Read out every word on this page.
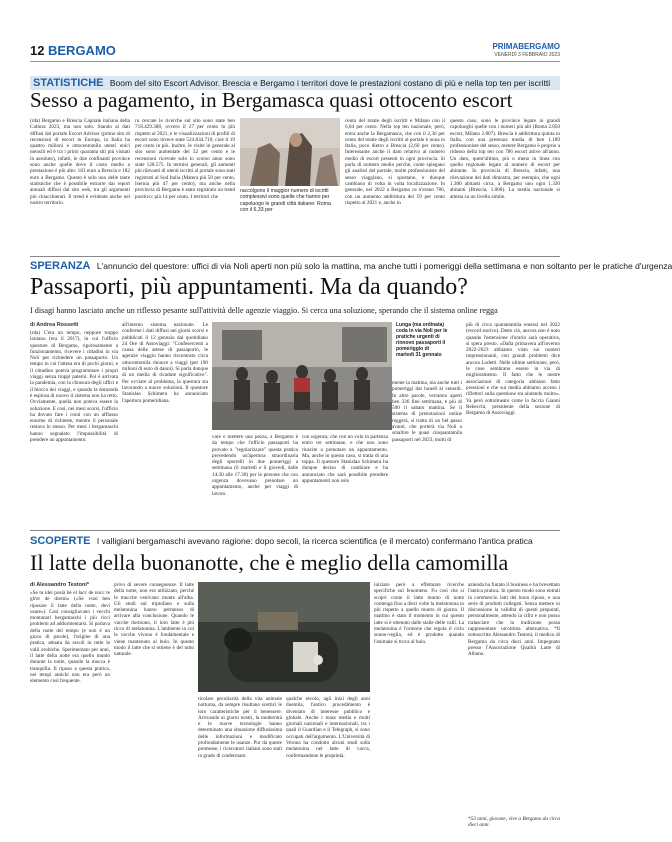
12 BERGAMO	PRIMABERGAMO
VENERDÌ 3 FEBBRAIO 2023
STATISTICHE Boom del sito Escort Advisor. Brescia e Bergamo i territori dove le prestazioni costano di più e nella top ten per iscritti
Sesso a pagamento, in Bergamasca quasi ottocento escort
(rda) Bergamo e Brescia Capitale italiana della Cultura 2023, ma non solo. Stando ai dati diffusi dal portale Escort Advisor (primo sito di recensioni di escort in Europa, in Italia ha quattro milioni e ottocentomila utenti unici mensili ed è tra i primi quaranta siti più visitati in assoluto), infatti, le due confinanti province sono anche quelle dove il costo medio a prestazione è più alto: 183 euro a Brescia e 182 euro a Bergamo. Questo è solo uno delle tante statistiche che è possibile estrarre dai report annuali diffusi dal sito web, tra gli argomenti più chiacchierati. Il trend è evidente anche nel nostro territorio.
ro cercate le ricerche sul sito sono state ben 718.429.388, ovvero il 27 per cento in più rispetto al 2021, e le visualizzazioni di profili di escort sono invece state 524.834.710, cioè il 19 per cento in più. Inoltre, le visite in generale al sito sono aumentate del 32 per cento e le recensioni ricevute solo lo scorso anno sono state 128.575. In termini generali, gli aumenti più rilevanti di utenti iscritti al portale sono stati registrati al Sud Italia (Matera più 50 per cento, Isernia più 47 per cento), ma anche nella provincia di Bergamo è stato registrato un trend positivo: più 14 per cento. I territori che
raccolgono il maggior numero di iscritti complessivi sono quelle che hanno per capoluogo le grandi città italiane: Roma con il 6,33 per
cento del totale degli iscritti e Milano con il 6,04 per cento. Nella top ten nazionale, però, entra anche la Bergamasca, che con il 2,36 per cento del totale degli iscritti al portale è nona in Italia, poco dietro a Brescia (2,60 per cento). Interessante anche il dato relativo al numero medio di escort presenti in ogni provincia. Si parla di numero medio perché, come spiegano gli analisti del portale, molte professioniste del sesso viaggiano, si spostano, e dunque cambiano di volta in volta localizzazione. In generale, nel 2022 a Bergamo ce n'erano 786, con un aumento addirittura del 59 per cento rispetto al 2021 e, anche in
questo caso, sono le province legate ai grandi capoluoghi quelle con i numeri più alti (Roma 2.850 escort, Milano 2.807). Brescia è addirittura quinta in Italia, con una presenza media di ben 1.189 professioniste del sesso, mentre Bergamo è proprio a ridosso della top ten con 786 escort attive all'anno. Un dato, quest'ultimo, più o meno in linea con quello regionale legato al numero di escort per abitante. In provincia di Brescia, infatti, una rilevazione dei dati dimostra, per esempio, che ogni 1.300 abitanti circa, a Bergamo uno ogni 1.330 abitanti (Brescia, 1.000). La media nazionale si attesta su un livello simile.
SPERANZA L'annuncio del questore: uffici di via Noli aperti non più solo la mattina, ma anche tutti i pomeriggi della settimana e non soltanto per le pratiche d'urgenza
Passaporti, più appuntamenti. Ma da quando?
I disagi hanno lasciato anche un riflesso pesante sull'attività delle agenzie viaggio. Si cerca una soluzione, sperando che il sistema online regga
di Andrea Rossetti
(rda) C'era un tempo, neppure troppo lontano (era il 2017), in cui l'ufficio questure di Bergamo, rigorosamente a funzionamento, ricevere i cittadini in via Noli per richiedere un passaporto. Un tempo in cui l'attesa era di pochi giorni, e il cittadino poteva programmare i propri viaggi senza troppi patemi. Poi è arrivata la pandemia, con la chiusura degli uffici e il blocco dei viaggi, e quando la domanda è esplosa di nuovo il sistema non ha retto. Ovviamente, quella non poteva essere la soluzione. E così, nei mesi scorsi, l'ufficio ha dovuto fare i conti con un afflusso enorme di richieste, mentre il personale restava lo stesso. Per mesi i bergamaschi hanno segnalato l'impossibilità di prendere un appuntamento.
all'interno sistema nazionale. Le conferme i dati diffusi nei giorni scorsi e pubblicati il 12 gennaio dal quotidiano 24 Ore di Assoviaggi: "Confesercenti a causa delle attese di passaporto, le agenzie viaggio hanno riscontrato circa ottocentomila rinunce a viaggi (per 190 milioni di euro di danni). Si parla dunque di un media di ricadute significative". Per ovviare al problema, la questura sta lavorando a nuove soluzioni. Il questore Stanislao Schimera ha annunciato l'apertura pomeridiana.
Lunga (ma ordinata) coda in via Noli per le pratiche urgenti di rinnovo passaporti il pomeriggio di martedì 31 gennaio
vare e mettere una pezza, a Bergamo è da tempo che l'ufficio passaporti ha provato a "regolarizzare" questa pratica prevedendo un'apertura straordinaria degli sportelli in due pomeriggi a settimana (il martedì e il giovedì, dalle 14.30 alle 17.30) per le persone che con urgenza dovevano prenotare un appuntamento, anche per viaggi di lavoro.
con urgenza, che con un volo in partenza entro tre settimane, e che non sono riuscite a prenotare un appuntamento. Ma, anche in questo caso, si tratta di una toppa. Il questore Stanislao Schimera ha dunque deciso di cambiare e ha annunciato che sarà possibile prendere appuntamenti non solo
mente la mattina, ma anche tutti i pomeriggi dal lunedì al venerdì. In altre parole, verranno aperti ben 336 fine settimana, e più di 500 il sabato mattina. Se il sistema di prenotazioni online reggerà, si tratta di un bel passo avanti, che porterà via Noli a smaltire le quasi cinquantamila passaporti nel 2023, molti di
più di circa quarantamila emessi nel 2022 (record storico). Detto ciò, ancora non è noto quando l'estensione d'orario sarà operativa, si spera presto. «Dalla primavera all'inverno 2022-2023 abbiamo visto sui numeri impressionanti, con grandi problemi dice ancora Lodetti. Nelle ultime settimane, però, le cose sembrano essere in via di miglioramento. Il fatto che le nostre associazioni di categoria abbiano fatto pressioni e che sui media abbiamo acceso i riflettori sulla questione sta aiutando molto». Va però sottolineato come lo faccia Gianni Rebecchi, presidente della sezione di Bergamo di Assoviaggi.
SCOPERTE I valligiani bergamaschi avevano ragione: dopo secoli, la ricerca scientifica (e il mercato) confermano l'antica pratica
Il latte della buonanotte, che è meglio della camomilla
di Alessandro Testoni*
«Se tu idei posià bè el lacc de nocc te gh'et de dormì» («Se vuoi ben riposare il latte della notte, devi usare»). Così consigliavano i vecchi montanari bergamaschi i più ricci problemi ad addormentarsi. Si parlava della notte del tempo (e non è un gioco di parole), l'origine di una pratica, attuata da secoli in tutte le valli orobiche. Sperimentato per anni, il latte della notte era quello munto durante la notte, quando la mucca è tranquilla. Il riposo a questa pratica, nei tempi antichi non era però un elemento così frequente.
privo di severe conseguenze. Il latte della notte, non era utilizzato, perché le mucche venivano munte all'alba. Gli studi sul triptofano e sulla melatonina hanno permesso di arrivare alla conclusione. Quando le vacche dormono, il loro latte è più ricco di melatonina. L'ambiente in cui le vacche vivono è fondamentale e viene mantenuto al buio. In questo modo il latte che si ottiene è del tutto naturale.
ticolare peculiarità della vita animale notturna, da sempre risultano scettici le loro caratteristiche per il benessere. Arrivando ai giorni nostri, la modernità e le nuove tecnologie hanno determinato una situazione diffusissima delle informazioni e modificato profondamente le usanze. Pur da queste premesse, i ricercatori italiani sono stati in grado di confermare.
qualche secolo, agli inizi degli anni duemila, l'antico procedimento è diventato di interesse pubblico e globale. Anche i mass media e molti giornali nazionali e internazionali, tra i quali il Guardian e il Telegraph, si sono occupati dell'argomento. L'Università di Verona ha condotto alcuni studi sulla melatonina nel latte di vacca, confermandone le proprietà.
iniziato però a effettuare ricerche specifiche sul fenomeno. Fu così che si scoprì come il latte munto di notte contenga fino a dieci volte la melatonina in più rispetto a quello munto di giorno. Il mattino è stato il momento in cui questo latte si è ottenuto dalle stalle delle valli. La melatonina è l'ormone che regola il ciclo sonno-veglia, ed è prodotto quando l'animale si trova al buio.
azienda ha fiutato il business e ha brevettato l'antica pratica. In questo modo sono entrati in commercio latti del buon riposo, e una serie di prodotti collegati. Senza mettere in discussione la validità di questi preparati, personalmente, attendo la cifra e non posso tralasciare che la tradizione possa rappresentare un'ottima alternativa. *Il sottoscritto Alessandro Testoni, il medico di Bergamo da circa dieci anni. Impegnato presso l'Associazione Qualità Latte di Albano.
*53 anni, giovane, vive a Bergamo da circa dieci anni.
